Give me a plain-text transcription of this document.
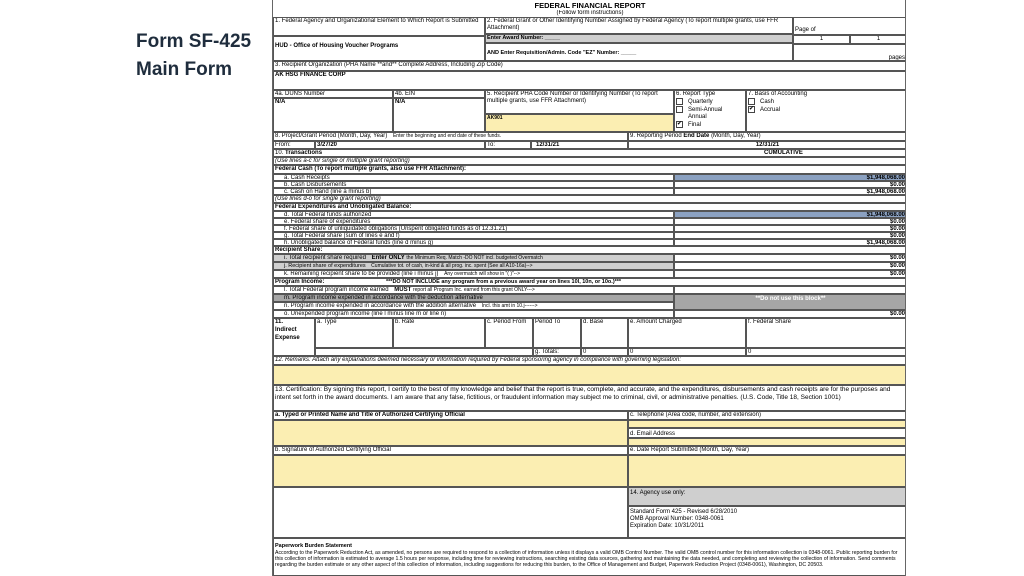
Form SF-425 Main Form
FEDERAL FINANCIAL REPORT
(Follow form instructions)
1. Federal Agency and Organizational Element to Which Report is Submitted
HUD - Office of Housing Voucher Programs
2. Federal Grant or Other Identifying Number Assigned by Federal Agency (To report multiple grants, use FFR Attachment)
Enter Award Number: _____
AND Enter Requisition/Admin. Code "EZ" Number: _____
Page of
1	1
pages
3. Recipient Organization (PHA Name **and** Complete Address, Including Zip Code)
AK HSG FINANCE CORP
4a. DUNS Number
N/A
4b. EIN
N/A
5. Recipient PHA Code Number or Identifying Number (To report multiple grants, use FFR Attachment)
AK901
6. Report Type
Quarterly
Semi-Annual
Annual
✔ Final
7. Basis of Accounting
Cash
✔ Accrual
8. Project/Grant Period (Month, Day, Year) Enter the beginning and end date of these funds.	9. Reporting Period End Date (Month, Day, Year)
From:	3/27/20	To:	12/31/21	12/31/21
10. Transactions	CUMULATIVE
(Use lines a-c for single or multiple grant reporting)
Federal Cash (To report multiple grants, also use FFR Attachment):
a. Cash Receipts	$1,948,068.00
b. Cash Disbursements	$0.00
c. Cash on Hand (line a minus b)	$1,948,068.00
(Use lines d-o for single grant reporting)
Federal Expenditures and Unobligated Balance:
d. Total Federal funds authorized	$1,948,068.00
e. Federal share of expenditures	$0.00
f. Federal share of unliquidated obligations (Unspent obligated funds as of 12.31.21)	$0.00
g. Total Federal share (sum of lines e and f)	$0.00
h. Unobligated balance of Federal funds (line d minus g)	$1,948,068.00
Recipient Share:
i. Total recipient share required Enter ONLY the Minimum Req. Match -DO NOT incl. budgeted Overmatch	$0.00
j. Recipient share of expenditures Cumulative tot. of cash, in-kind & all prog. inc. spent (See all A10-16a)-->	$0.00
k. Remaining recipient share to be provided (line i minus j) Any overmatch will show in "( )"-->	$0.00
Program Income:	***DO NOT INCLUDE any program from a previous award year on lines 10l, 10n, or 10o.)***
l. Total Federal program income earned MUST report all Program Inc. earned from this grant ONLY--->
m. Program income expended in accordance with the deduction alternative	**Do not use this block**
n. Program income expended in accordance with the addition alternative Incl. this amt in 10.j------>
o. Unexpended program income (line l minus line m or line n)	$0.00
11.
Indirect Expense
a. Type	b. Rate	c. Period From	Period To	d. Base	e. Amount Charged	f. Federal Share
g. Totals:	0	0	0
12. Remarks: Attach any explanations deemed necessary or information required by Federal sponsoring agency in compliance with governing legislation:
13. Certification: By signing this report, I certify to the best of my knowledge and belief that the report is true, complete, and accurate, and the expenditures, disbursements and cash receipts are for the purposes and intent set forth in the award documents. I am aware that any false, fictitious, or fraudulent information may subject me to criminal, civil, or administrative penalties. (U.S. Code, Title 18, Section 1001)
a. Typed or Printed Name and Title of Authorized Certifying Official	c. Telephone (Area code, number, and extension)
d. Email Address
b. Signature of Authorized Certifying Official	e. Date Report Submitted (Month, Day, Year)
14. Agency use only:
Standard Form 425 - Revised 6/28/2010
OMB Approval Number: 0348-0061
Expiration Date: 10/31/2011
Paperwork Burden Statement
According to the Paperwork Reduction Act, as amended, no persons are required to respond to a collection of information unless it displays a valid OMB Control Number. The valid OMB control number for this information collection is 0348-0061. Public reporting burden for this collection of information is estimated to average 1.5 hours per response, including time for reviewing instructions, searching existing data sources, gathering and maintaining the data needed, and completing and reviewing the collection of information. Send comments regarding the burden estimate or any other aspect of this collection of information, including suggestions for reducing this burden, to the Office of Management and Budget, Paperwork Reduction Project (0348-0061), Washington, DC 20503.
